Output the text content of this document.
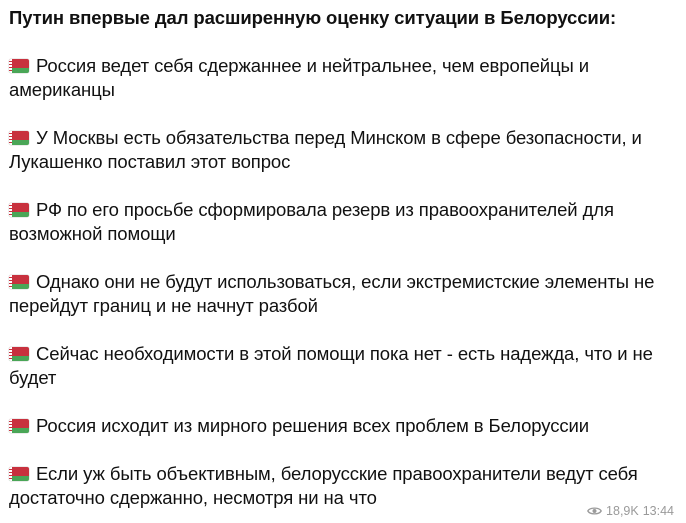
Путин впервые дал расширенную оценку ситуации в Белоруссии:
Россия ведет себя сдержаннее и нейтральнее, чем европейцы и американцы
У Москвы есть обязательства перед Минском в сфере безопасности, и Лукашенко поставил этот вопрос
РФ по его просьбе сформировала резерв из правоохранителей для возможной помощи
Однако они не будут использоваться, если экстремистские элементы не перейдут границ и не начнут разбой
Сейчас необходимости в этой помощи пока нет - есть надежда, что и не будет
Россия исходит из мирного решения всех проблем в Белоруссии
Если уж быть объективным, белорусские правоохранители ведут себя достаточно сдержанно, несмотря ни на что
18,9K 13:44
